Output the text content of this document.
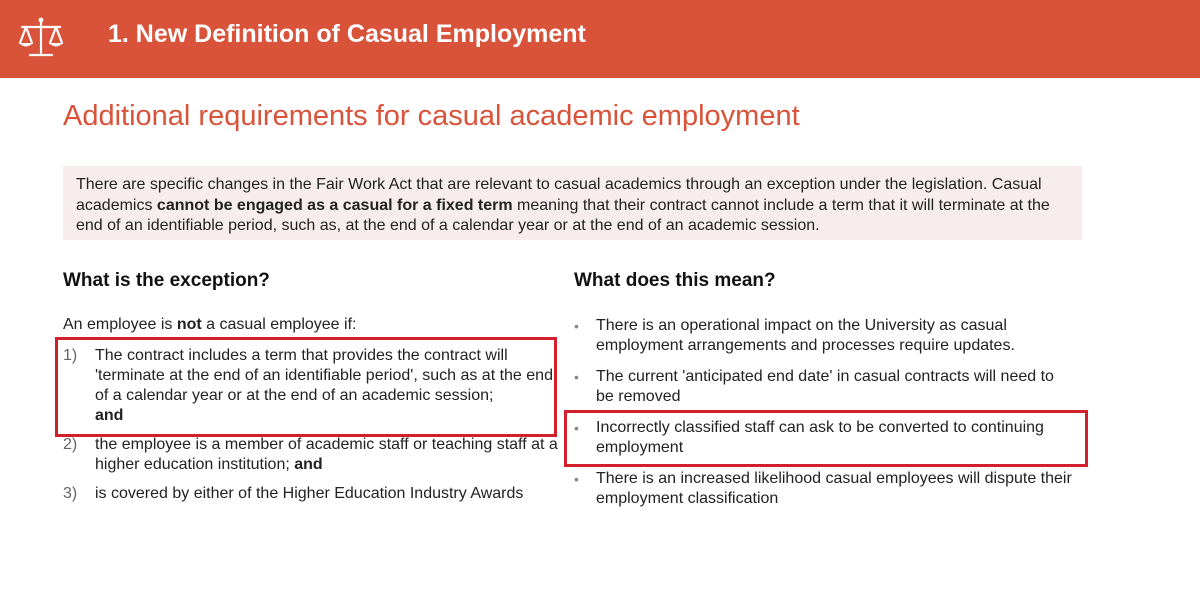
1. New Definition of Casual Employment
Additional requirements for casual academic employment
There are specific changes in the Fair Work Act that are relevant to casual academics through an exception under the legislation. Casual academics cannot be engaged as a casual for a fixed term meaning that their contract cannot include a term that it will terminate at the end of an identifiable period, such as, at the end of a calendar year or at the end of an academic session.
What is the exception?	What does this mean?
An employee is not a casual employee if:
1) The contract includes a term that provides the contract will 'terminate at the end of an identifiable period', such as at the end of a calendar year or at the end of an academic session;
and
2) the employee is a member of academic staff or teaching staff at a higher education institution; and
3) is covered by either of the Higher Education Industry Awards
• There is an operational impact on the University as casual employment arrangements and processes require updates.
• The current 'anticipated end date' in casual contracts will need to be removed
• Incorrectly classified staff can ask to be converted to continuing employment
• There is an increased likelihood casual employees will dispute their employment classification
